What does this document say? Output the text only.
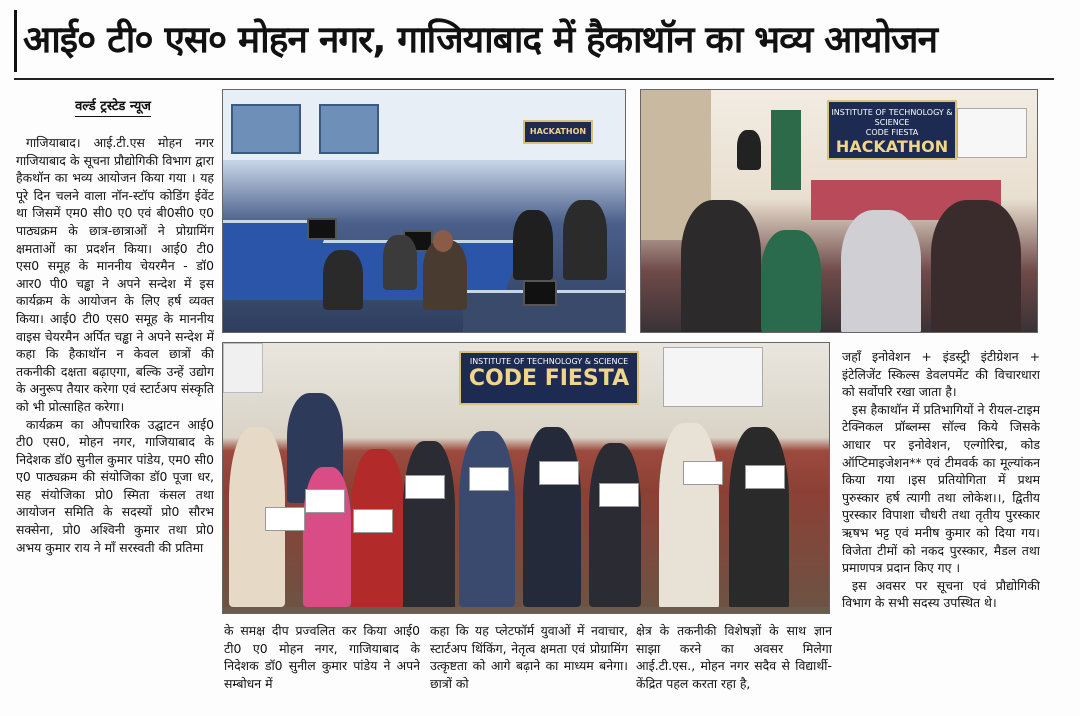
आई० टी० एस० मोहन नगर, गाजियाबाद में हैकाथॉन का भव्य आयोजन
वर्ल्ड ट्रस्टेड न्यूज

गाजियाबाद। आई.टी.एस मोहन नगर गाजियाबाद के सूचना प्रौद्योगिकी विभाग द्वारा हैकथॉन का भव्य आयोजन किया गया । यह पूरे दिन चलने वाला नॉन-स्टॉप कोडिंग ईवेंट था जिसमें एम0 सी0 ए0 एवं बी0सी0 ए0 पाठ्यक्रम के छात्र-छात्राओं ने प्रोग्रामिंग क्षमताओं का प्रदर्शन किया। आई0 टी0 एस0 समूह के माननीय चेयरमैन - डॉ0 आर0 पी0 चड्ढा ने अपने सन्देश में इस कार्यक्रम के आयोजन के लिए हर्ष व्यक्त किया। आई0 टी0 एस0 समूह के माननीय वाइस चेयरमैन अर्पित चड्ढा ने अपने सन्देश में कहा कि हैकाथॉन न केवल छात्रों की तकनीकी दक्षता बढ़ाएगा, बल्कि उन्हें उद्योग के अनुरूप तैयार करेगा एवं स्टार्टअप संस्कृति को भी प्रोत्साहित करेगा।

कार्यक्रम का औपचारिक उद्घाटन आई0 टी0 एस0, मोहन नगर, गाजियाबाद के निदेशक डॉ0 सुनील कुमार पांडेय, एम0 सी0 ए0 पाठ्यक्रम की संयोजिका डॉ0 पूजा धर, सह संयोजिका प्रो0 स्मिता कंसल तथा आयोजन समिति के सदस्यों प्रो0 सौरभ सक्सेना, प्रो0 अश्विनी कुमार तथा प्रो0 अभय कुमार राय ने माँ सरस्वती की प्रतिमा

HACKATHON
INSTITUTE OF TECHNOLOGY & SCIENCE
CODE FIESTA
HACKATHON
INSTITUTE OF TECHNOLOGY & SCIENCE
CODE FIESTA
के समक्ष दीप प्रज्वलित कर किया आई0 टी0 ए0 मोहन नगर, गाजियाबाद के निदेशक डॉ0 सुनील कुमार पांडेय ने अपने सम्बोधन में
कहा कि यह प्लेटफॉर्म युवाओं में नवाचार, स्टार्टअप थिंकिंग, नेतृत्व क्षमता एवं प्रोग्रामिंग उत्कृष्टता को आगे बढ़ाने का माध्यम बनेगा। छात्रों को
क्षेत्र के तकनीकी विशेषज्ञों के साथ ज्ञान साझा करने का अवसर मिलेगा आई.टी.एस., मोहन नगर सदैव से विद्यार्थी-केंद्रित पहल करता रहा है,

जहाँ इनोवेशन + इंडस्ट्री इंटीग्रेशन + इंटेलिजेंट स्किल्स डेवलपमेंट की विचारधारा को सर्वोपरि रखा जाता है।

इस हैकाथॉन में प्रतिभागियों ने रीयल-टाइम टेक्निकल प्रॉब्लम्स सॉल्व किये जिसके आधार पर इनोवेशन, एल्गोरिद्म, कोड ऑप्टिमाइजेशन** एवं टीमवर्क का मूल्यांकन किया गया ।इस प्रतियोगिता में प्रथम पुरुस्कार हर्ष त्यागी तथा लोकेश।।, द्वितीय पुरस्कार विपाशा चौधरी तथा तृतीय पुरस्कार ऋषभ भट्ट एवं मनीष कुमार को दिया गय। विजेता टीमों को नकद पुरस्कार, मैडल तथा प्रमाणपत्र प्रदान किए गए ।

इस अवसर पर सूचना एवं प्रौद्योगिकी विभाग के सभी सदस्य उपस्थित थे।
